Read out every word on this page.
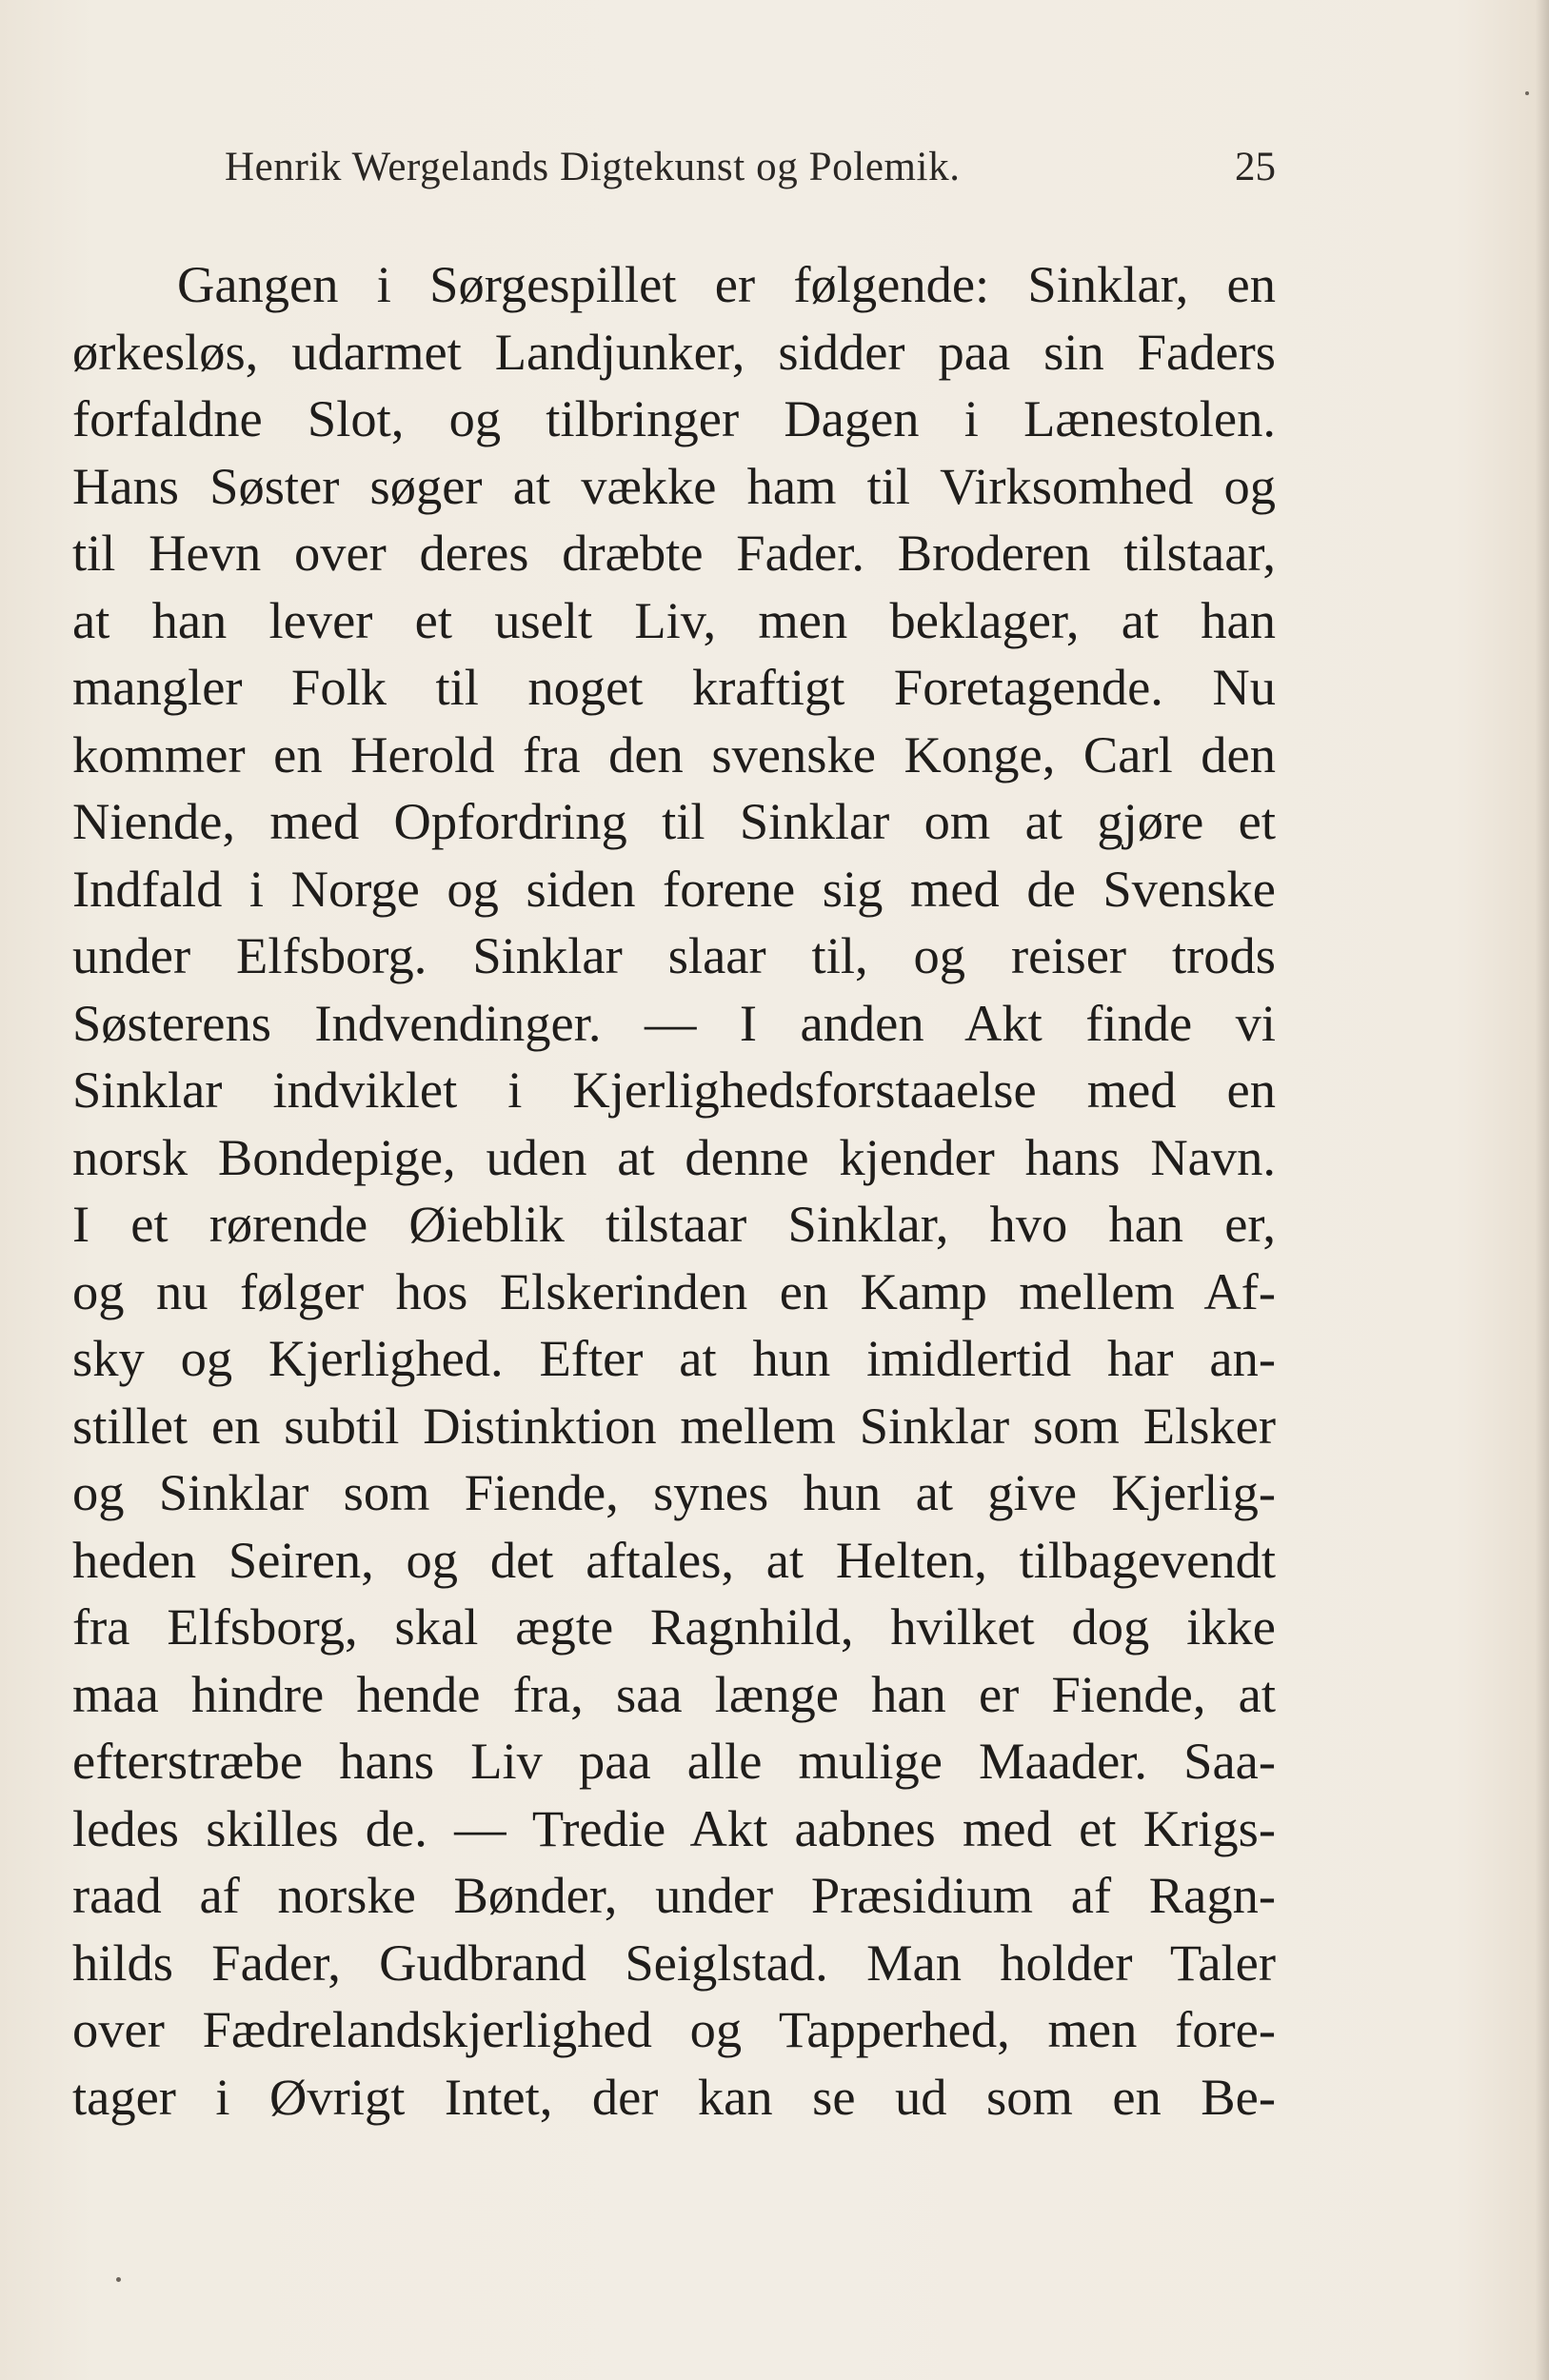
Henrik Wergelands Digtekunst og Polemik.	25
Gangen i Sørgespillet er følgende: Sinklar, en
ørkesløs, udarmet Landjunker, sidder paa sin Faders
forfaldne Slot, og tilbringer Dagen i Lænestolen.
Hans Søster søger at vække ham til Virksomhed og
til Hevn over deres dræbte Fader. Broderen tilstaar,
at han lever et uselt Liv, men beklager, at han
mangler Folk til noget kraftigt Foretagende. Nu
kommer en Herold fra den svenske Konge, Carl den
Niende, med Opfordring til Sinklar om at gjøre et
Indfald i Norge og siden forene sig med de Svenske
under Elfsborg. Sinklar slaar til, og reiser trods
Søsterens Indvendinger. — I anden Akt finde vi
Sinklar indviklet i Kjerlighedsforstaaelse med en
norsk Bondepige, uden at denne kjender hans Navn.
I et rørende Øieblik tilstaar Sinklar, hvo han er,
og nu følger hos Elskerinden en Kamp mellem Af-
sky og Kjerlighed. Efter at hun imidlertid har an-
stillet en subtil Distinktion mellem Sinklar som Elsker
og Sinklar som Fiende, synes hun at give Kjerlig-
heden Seiren, og det aftales, at Helten, tilbagevendt
fra Elfsborg, skal ægte Ragnhild, hvilket dog ikke
maa hindre hende fra, saa længe han er Fiende, at
efterstræbe hans Liv paa alle mulige Maader. Saa-
ledes skilles de. — Tredie Akt aabnes med et Krigs-
raad af norske Bønder, under Præsidium af Ragn-
hilds Fader, Gudbrand Seiglstad. Man holder Taler
over Fædrelandskjerlighed og Tapperhed, men fore-
tager i Øvrigt Intet, der kan se ud som en Be-
